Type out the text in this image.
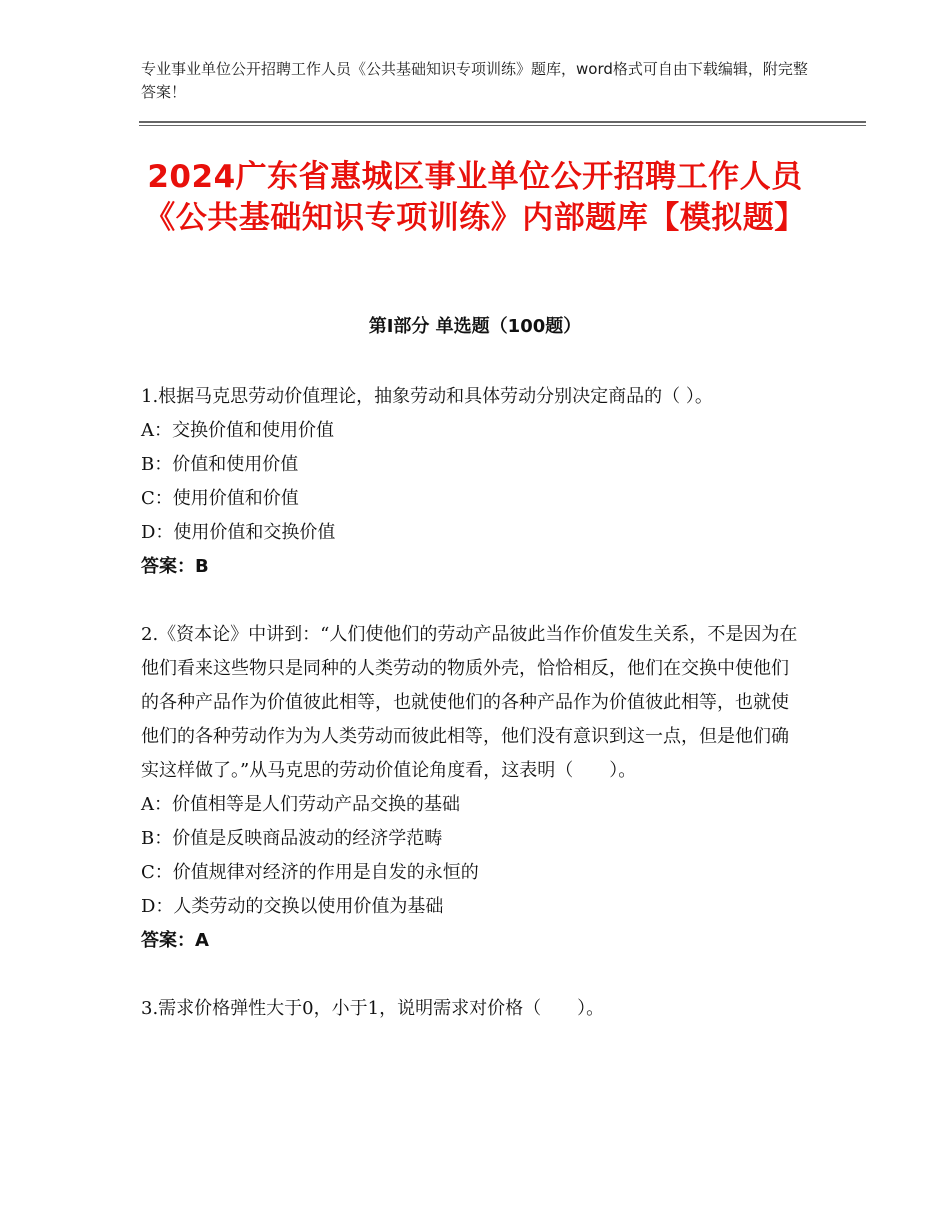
专业事业单位公开招聘工作人员《公共基础知识专项训练》题库，word格式可自由下载编辑，附完整答案！
2024广东省惠城区事业单位公开招聘工作人员《公共基础知识专项训练》内部题库【模拟题】
第Ⅰ部分 单选题（100题）
1.根据马克思劳动价值理论，抽象劳动和具体劳动分别决定商品的（ ）。
A：交换价值和使用价值
B：价值和使用价值
C：使用价值和价值
D：使用价值和交换价值
答案：B
2.《资本论》中讲到：“人们使他们的劳动产品彼此当作价值发生关系，不是因为在他们看来这些物只是同种的人类劳动的物质外壳，恰恰相反，他们在交换中使他们的各种产品作为价值彼此相等，也就使他们的各种产品作为价值彼此相等，也就使他们的各种劳动作为为人类劳动而彼此相等，他们没有意识到这一点，但是他们确实这样做了。”从马克思的劳动价值论角度看，这表明（　　）。
A：价值相等是人们劳动产品交换的基础
B：价值是反映商品波动的经济学范畴
C：价值规律对经济的作用是自发的永恒的
D：人类劳动的交换以使用价值为基础
答案：A
3.需求价格弹性大于0，小于1，说明需求对价格（　　）。
